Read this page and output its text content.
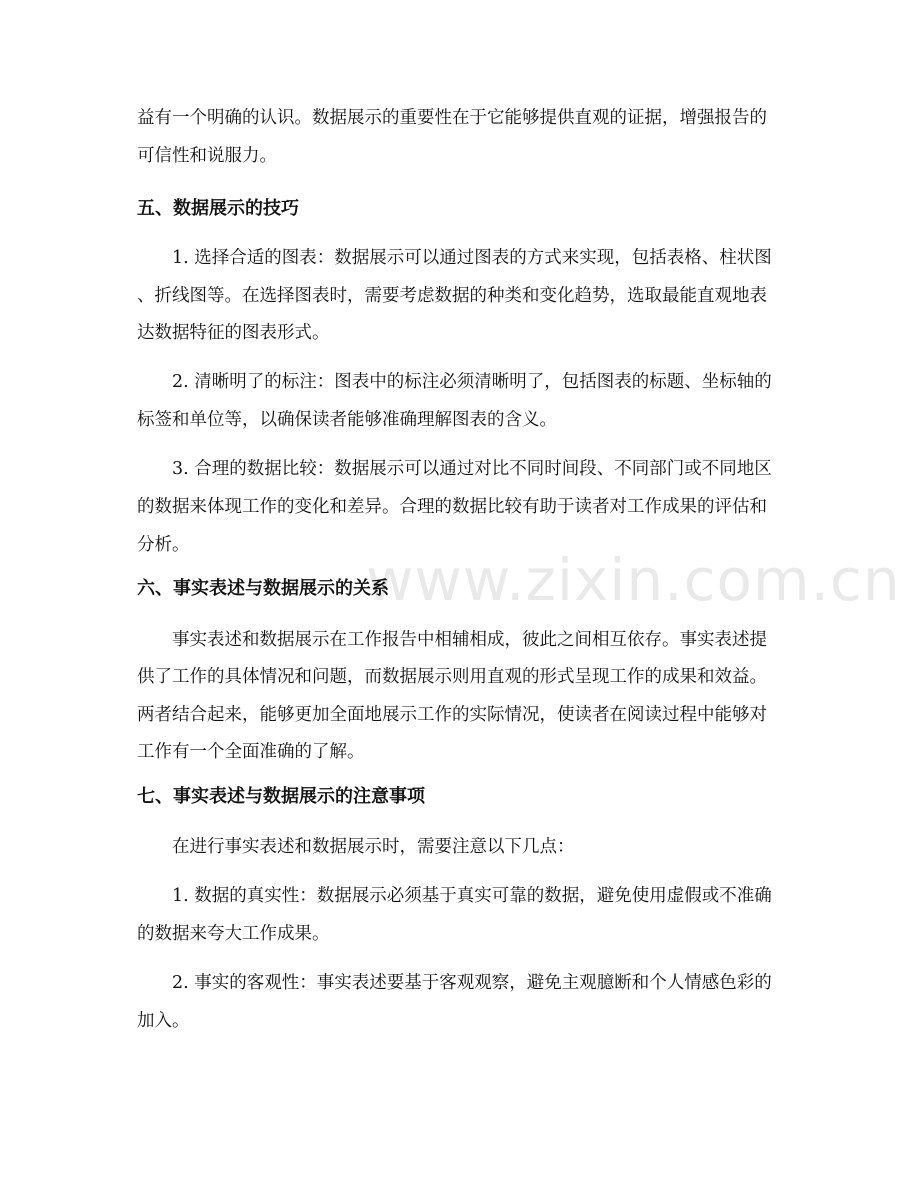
www.zixin.com.cn
益有一个明确的认识。数据展示的重要性在于它能够提供直观的证据，增强报告的
可信性和说服力。
五、数据展示的技巧
1. 选择合适的图表：数据展示可以通过图表的方式来实现，包括表格、柱状图
、折线图等。在选择图表时，需要考虑数据的种类和变化趋势，选取最能直观地表
达数据特征的图表形式。
2. 清晰明了的标注：图表中的标注必须清晰明了，包括图表的标题、坐标轴的
标签和单位等，以确保读者能够准确理解图表的含义。
3. 合理的数据比较：数据展示可以通过对比不同时间段、不同部门或不同地区
的数据来体现工作的变化和差异。合理的数据比较有助于读者对工作成果的评估和
分析。
六、事实表述与数据展示的关系
事实表述和数据展示在工作报告中相辅相成，彼此之间相互依存。事实表述提
供了工作的具体情况和问题，而数据展示则用直观的形式呈现工作的成果和效益。
两者结合起来，能够更加全面地展示工作的实际情况，使读者在阅读过程中能够对
工作有一个全面准确的了解。
七、事实表述与数据展示的注意事项
在进行事实表述和数据展示时，需要注意以下几点：
1. 数据的真实性：数据展示必须基于真实可靠的数据，避免使用虚假或不准确
的数据来夸大工作成果。
2. 事实的客观性：事实表述要基于客观观察，避免主观臆断和个人情感色彩的
加入。
